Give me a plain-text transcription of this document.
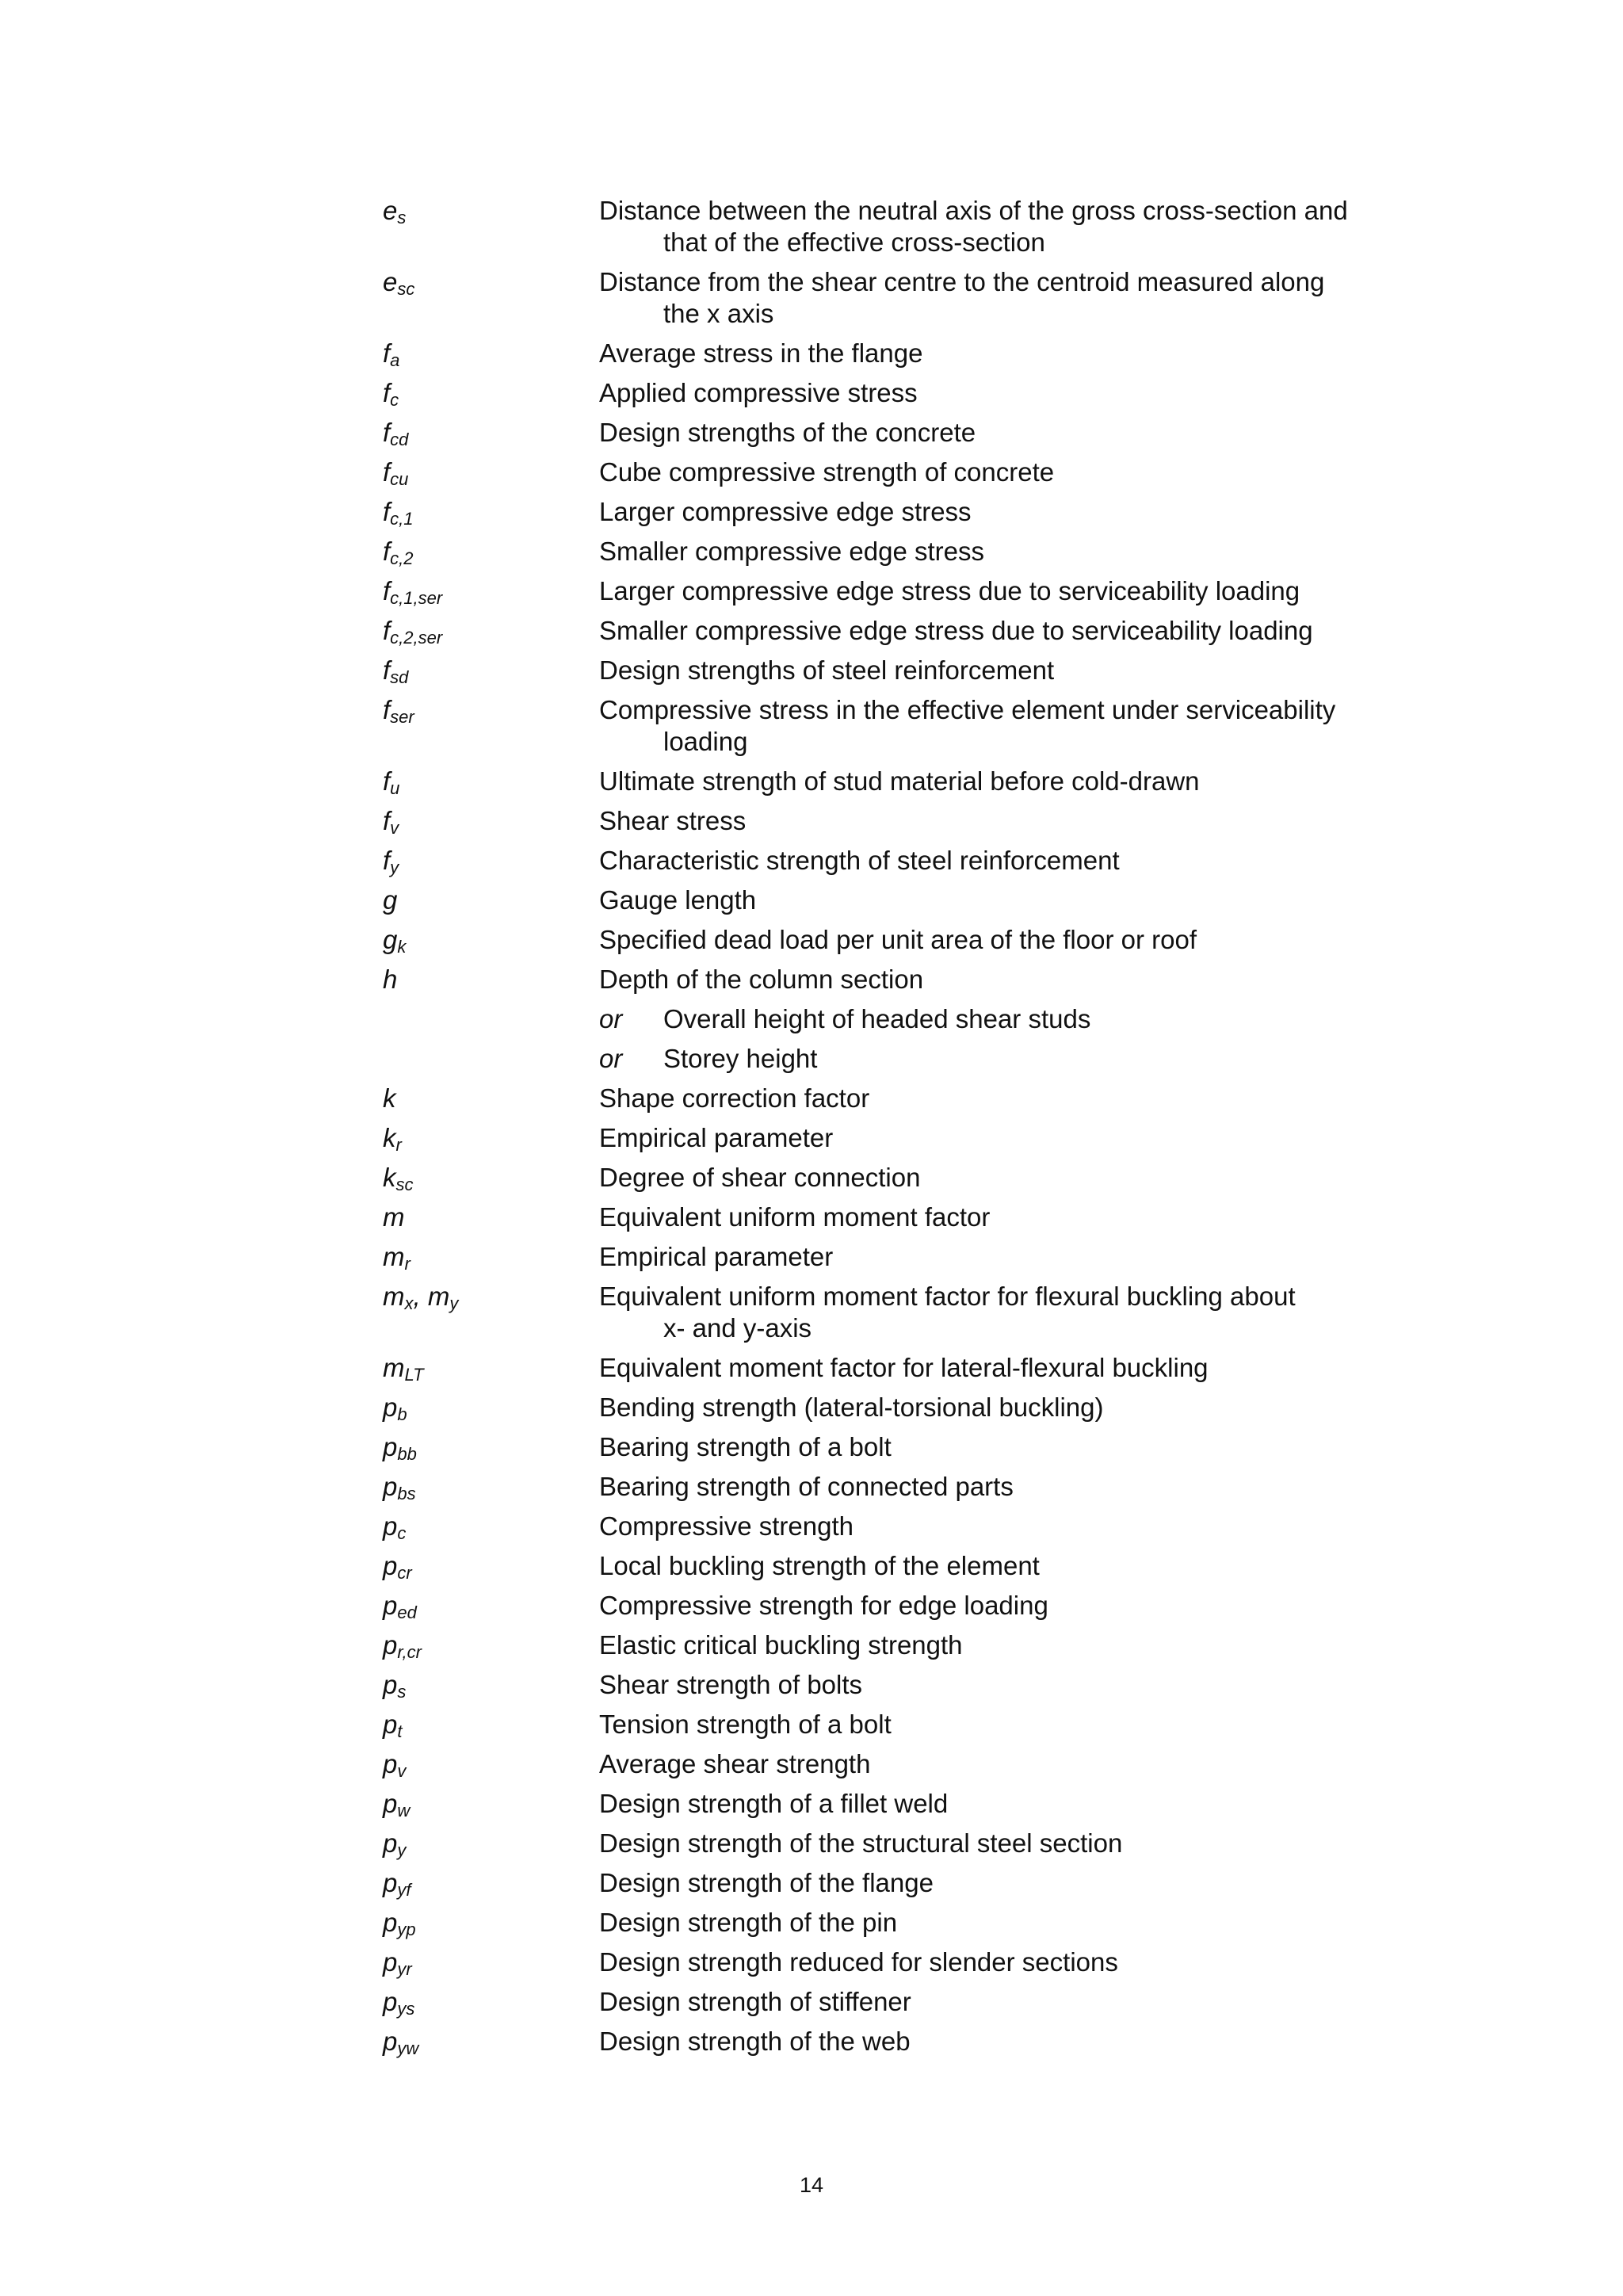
$e_s$	Distance between the neutral axis of the gross cross-section and
that of the effective cross-section
$e_{sc}$	Distance from the shear centre to the centroid measured along
the x axis
$f_a$	Average stress in the flange
$f_c$	Applied compressive stress
$f_{cd}$	Design strengths of the concrete
$f_{cu}$	Cube compressive strength of concrete
$f_{c,1}$	Larger compressive edge stress
$f_{c,2}$	Smaller compressive edge stress
$f_{c,1,ser}$	Larger compressive edge stress due to serviceability loading
$f_{c,2,ser}$	Smaller compressive edge stress due to serviceability loading
$f_{sd}$	Design strengths of steel reinforcement
$f_{ser}$	Compressive stress in the effective element under serviceability
loading
$f_u$	Ultimate strength of stud material before cold-drawn
$f_v$	Shear stress
$f_y$	Characteristic strength of steel reinforcement
g	Gauge length
$g_k$	Specified dead load per unit area of the floor or roof
h	Depth of the column section
or	Overall height of headed shear studs
or	Storey height
k	Shape correction factor
$k_r$	Empirical parameter
$k_{sc}$	Degree of shear connection
m	Equivalent uniform moment factor
$m_r$	Empirical parameter
$m_x$, $m_y$	Equivalent uniform moment factor for flexural buckling about
x- and y-axis
$m_{LT}$	Equivalent moment factor for lateral-flexural buckling
$p_b$	Bending strength (lateral-torsional buckling)
$p_{bb}$	Bearing strength of a bolt
$p_{bs}$	Bearing strength of connected parts
$p_c$	Compressive strength
$p_{cr}$	Local buckling strength of the element
$p_{ed}$	Compressive strength for edge loading
$p_{r,cr}$	Elastic critical buckling strength
$p_s$	Shear strength of bolts
$p_t$	Tension strength of a bolt
$p_v$	Average shear strength
$p_w$	Design strength of a fillet weld
$p_y$	Design strength of the structural steel section
$p_{yf}$	Design strength of the flange
$p_{yp}$	Design strength of the pin
$p_{yr}$	Design strength reduced for slender sections
$p_{ys}$	Design strength of stiffener
$p_{yw}$	Design strength of the web
14
